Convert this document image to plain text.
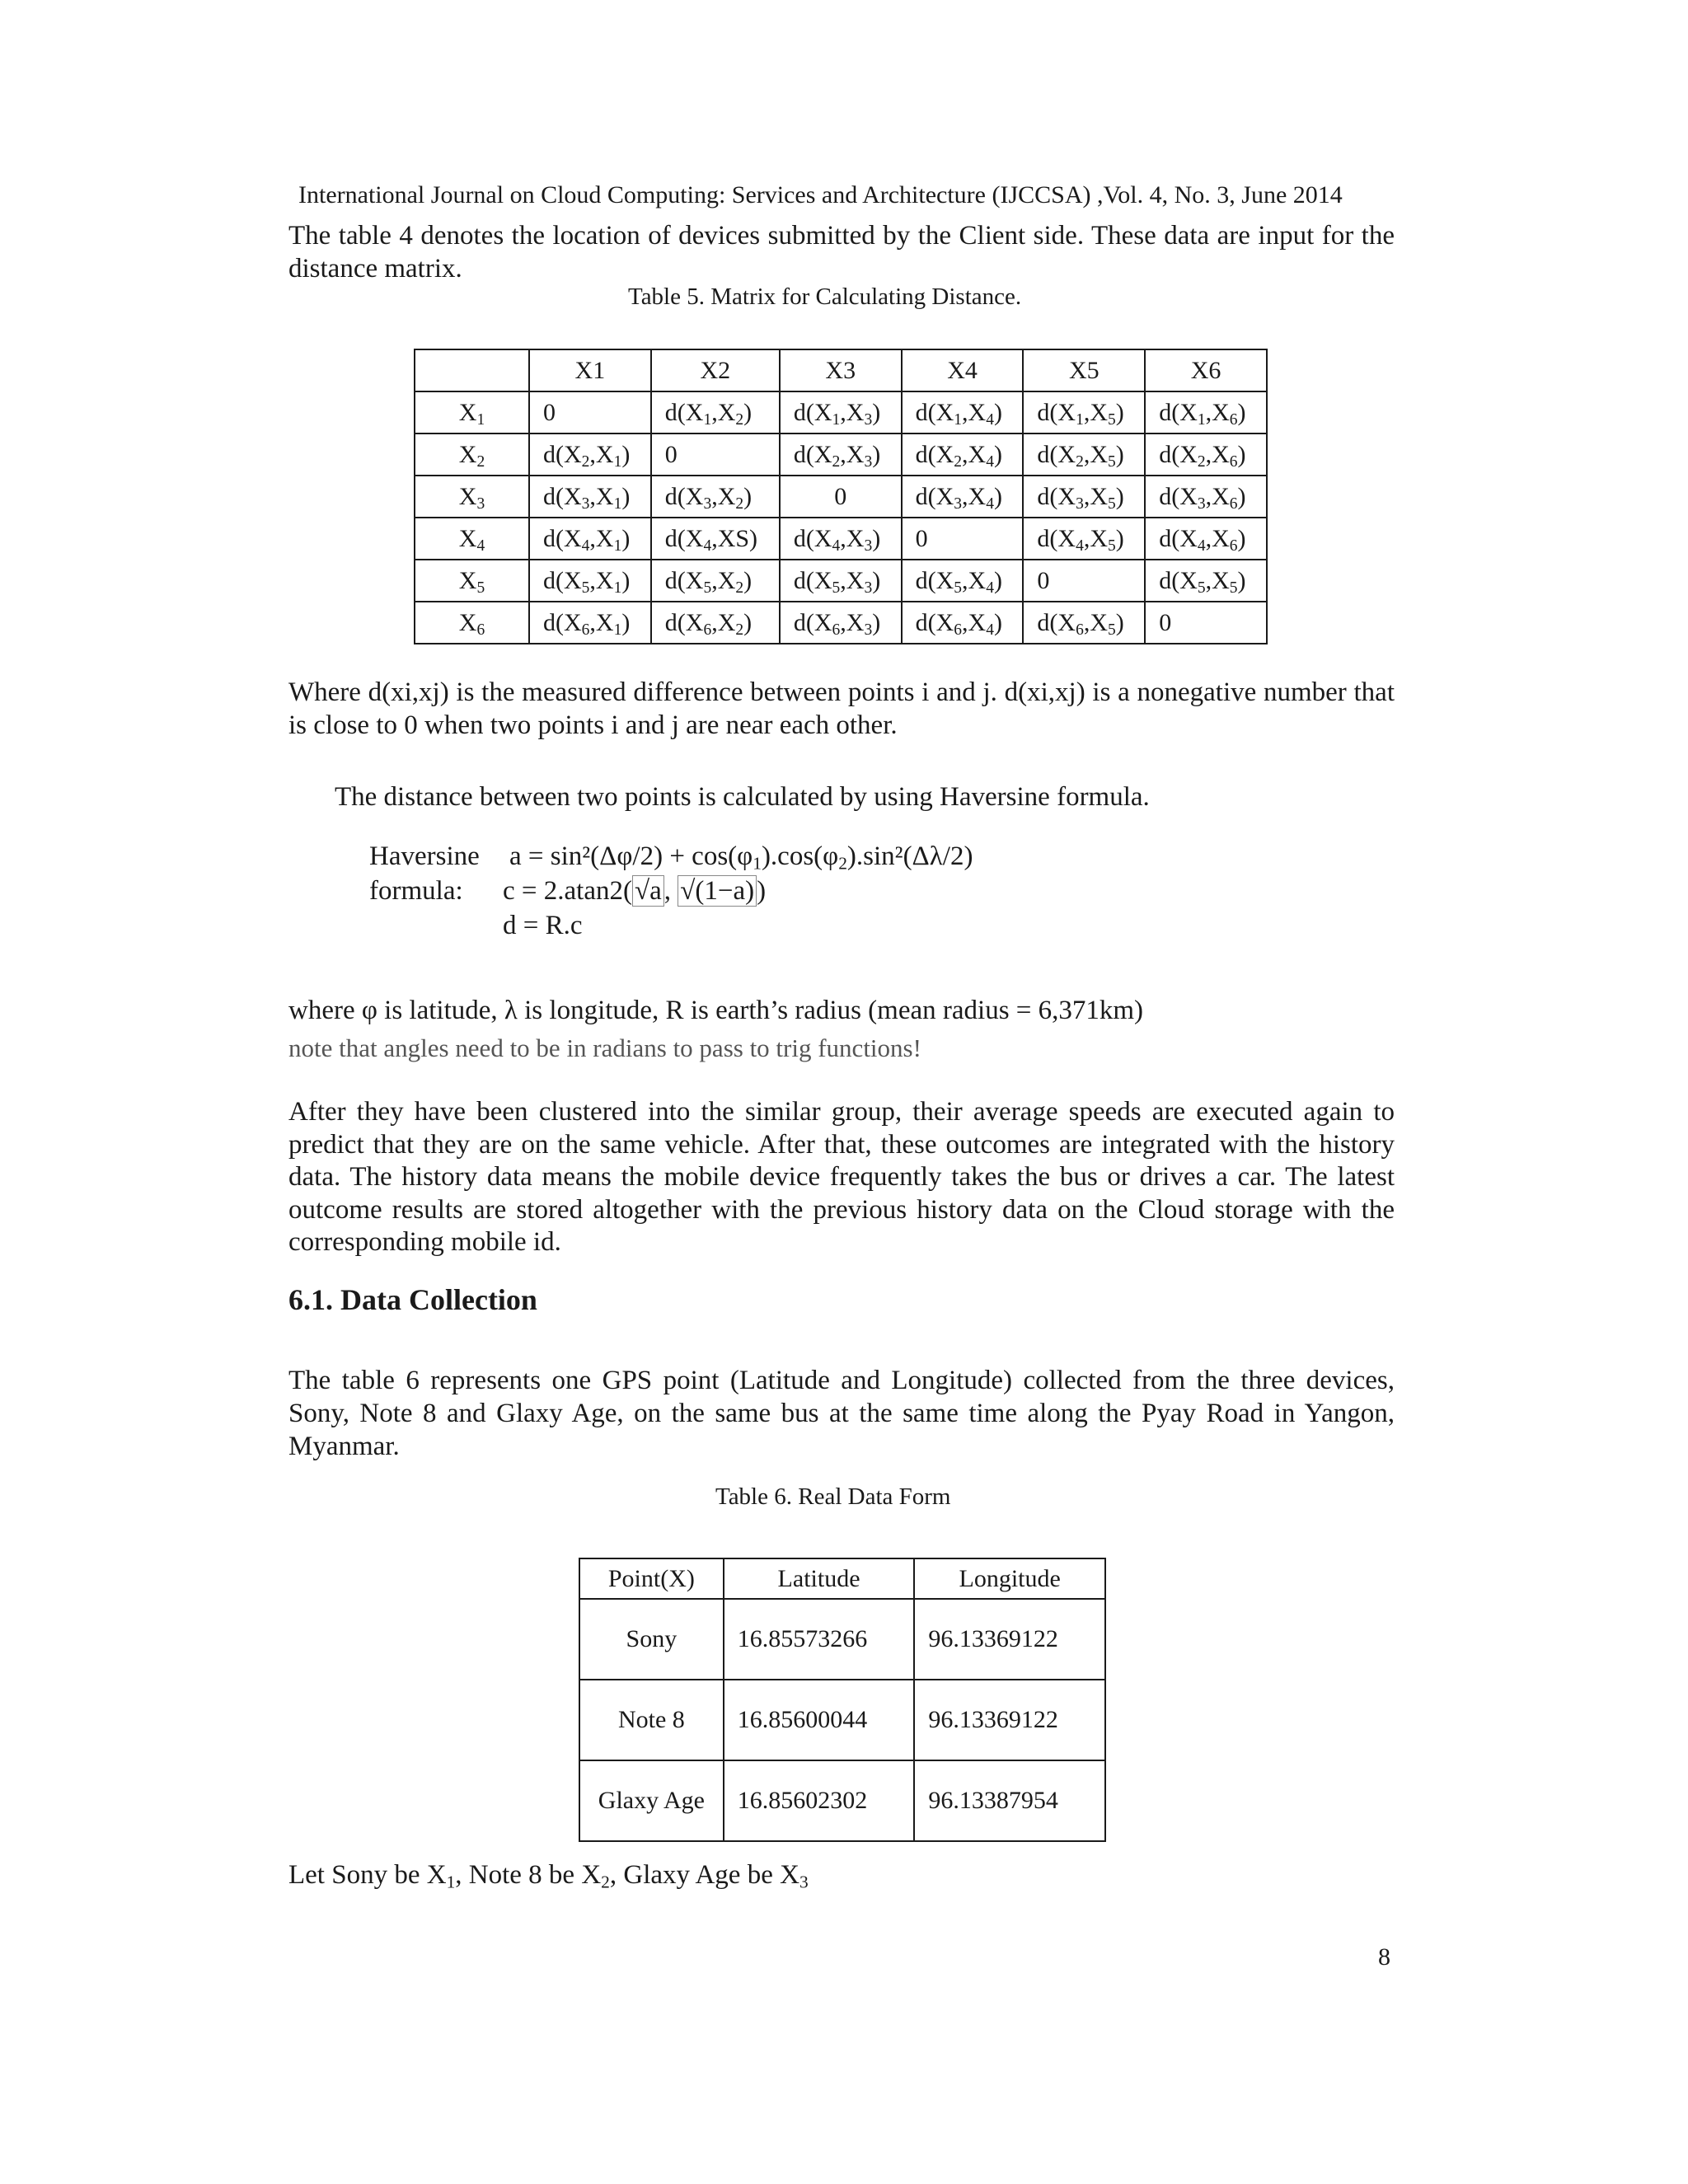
International Journal on Cloud Computing: Services and Architecture (IJCCSA) ,Vol. 4, No. 3, June 2014
The table 4 denotes the location of devices submitted by the Client side. These data are input for the distance matrix.
Table 5. Matrix for Calculating Distance.
	X1	X2	X3	X4	X5	X6
$X_1$	0	$d(X_1,X_2)$	$d(X_1,X_3)$	$d(X_1,X_4)$	$d(X_1,X_5)$	$d(X_1,X_6)$
$X_2$	$d(X_2,X_1)$	0	$d(X_2,X_3)$	$d(X_2,X_4)$	$d(X_2,X_5)$	$d(X_2,X_6)$
$X_3$	$d(X_3,X_1)$	$d(X_3,X_2)$	0	$d(X_3,X_4)$	$d(X_3,X_5)$	$d(X_3,X_6)$
$X_4$	$d(X_4,X_1)$	$d(X_4,XS)$	$d(X_4,X_3)$	0	$d(X_4,X_5)$	$d(X_4,X_6)$
$X_5$	$d(X_5,X_1)$	$d(X_5,X_2)$	$d(X_5,X_3)$	$d(X_5,X_4)$	0	$d(X_5,X_5)$
$X_6$	$d(X_6,X_1)$	$d(X_6,X_2)$	$d(X_6,X_3)$	$d(X_6,X_4)$	$d(X_6,X_5)$	0
Where d(xi,xj) is the measured difference between points i and j. d(xi,xj) is a nonegative number that is close to 0 when two points i and j are near each other.
The distance between two points is calculated by using Haversine formula.
Haversine
formula:
$a = \sin^2(\Delta\varphi/2) + \cos(\varphi_1).\cos(\varphi_2).\sin^2(\Delta\lambda/2)$
c = 2.atan2(√a, √(1−a))
d = R.c
where φ is latitude, λ is longitude, R is earth’s radius (mean radius = 6,371km)
note that angles need to be in radians to pass to trig functions!
After they have been clustered into the similar group, their average speeds are executed again to predict that they are on the same vehicle. After that, these outcomes are integrated with the history data. The history data means the mobile device frequently takes the bus or drives a car. The latest outcome results are stored altogether with the previous history data on the Cloud storage with the corresponding mobile id.
6.1. Data Collection
The table 6 represents one GPS point (Latitude and Longitude) collected from the three devices, Sony, Note 8 and Glaxy Age, on the same bus at the same time along the Pyay Road in Yangon, Myanmar.
Table 6. Real Data Form
Point(X)	Latitude	Longitude
Sony	16.85573266	96.13369122
Note 8	16.85600044	96.13369122
Glaxy Age	16.85602302	96.13387954
Let Sony be $X_1$, Note 8 be $X_2$, Glaxy Age be $X_3$
8
